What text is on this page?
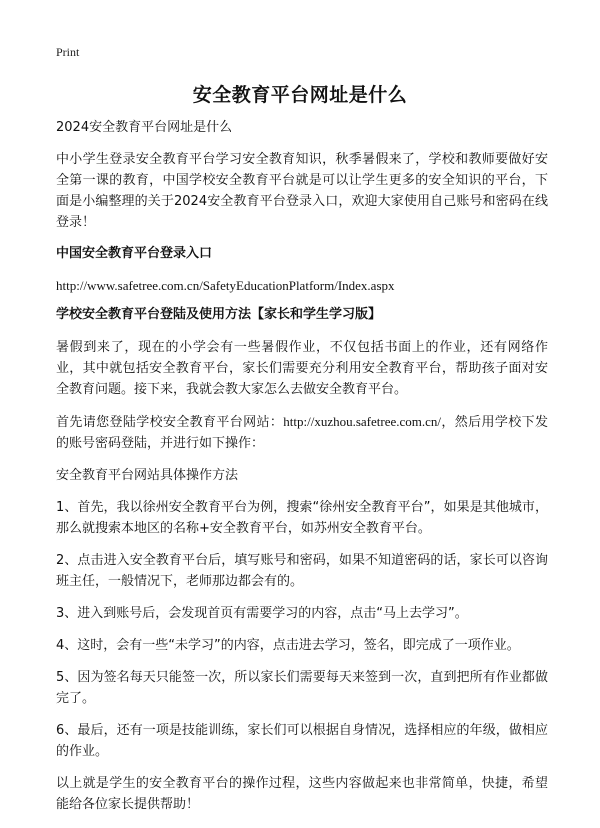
Print
安全教育平台网址是什么

2024安全教育平台网址是什么

中小学生登录安全教育平台学习安全教育知识，秋季暑假来了，学校和教师要做好安全第一课的教育，中国学校安全教育平台就是可以让学生更多的安全知识的平台，下面是小编整理的关于2024安全教育平台登录入口，欢迎大家使用自己账号和密码在线登录！

中国安全教育平台登录入口
http://www.safetree.com.cn/SafetyEducationPlatform/Index.aspx
学校安全教育平台登陆及使用方法【家长和学生学习版】

暑假到来了，现在的小学会有一些暑假作业，不仅包括书面上的作业，还有网络作业，其中就包括安全教育平台，家长们需要充分利用安全教育平台，帮助孩子面对安全教育问题。接下来，我就会教大家怎么去做安全教育平台。

首先请您登陆学校安全教育平台网站：http://xuzhou.safetree.com.cn/，然后用学校下发的账号密码登陆，并进行如下操作：

安全教育平台网站具体操作方法

1、首先，我以徐州安全教育平台为例，搜索“徐州安全教育平台”，如果是其他城市，那么就搜索本地区的名称+安全教育平台，如苏州安全教育平台。

2、点击进入安全教育平台后，填写账号和密码，如果不知道密码的话，家长可以咨询班主任，一般情况下，老师那边都会有的。

3、进入到账号后，会发现首页有需要学习的内容，点击“马上去学习”。

4、这时，会有一些“未学习”的内容，点击进去学习，签名，即完成了一项作业。

5、因为签名每天只能签一次，所以家长们需要每天来签到一次，直到把所有作业都做完了。

6、最后，还有一项是技能训练，家长们可以根据自身情况，选择相应的年级，做相应的作业。

以上就是学生的安全教育平台的操作过程，这些内容做起来也非常简单，快捷，希望能给各位家长提供帮助！
